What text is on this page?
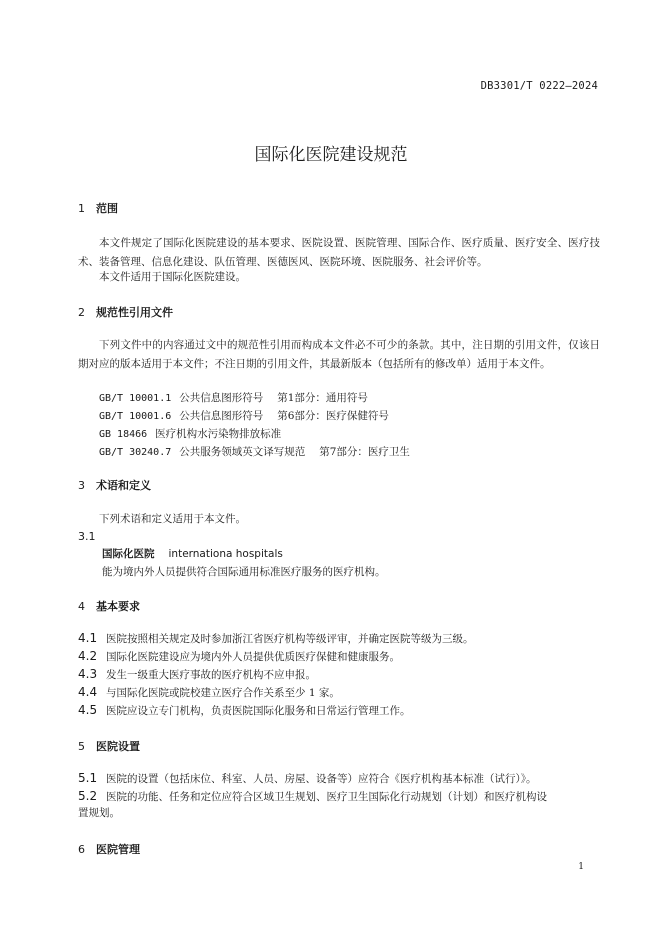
DB3301/T 0222—2024
国际化医院建设规范
1 范围
本文件规定了国际化医院建设的基本要求、医院设置、医院管理、国际合作、医疗质量、医疗安全、医疗技术、装备管理、信息化建设、队伍管理、医德医风、医院环境、医院服务、社会评价等。
本文件适用于国际化医院建设。
2 规范性引用文件
下列文件中的内容通过文中的规范性引用而构成本文件必不可少的条款。其中，注日期的引用文件，仅该日期对应的版本适用于本文件；不注日期的引用文件，其最新版本（包括所有的修改单）适用于本文件。
GB/T 10001.1 公共信息图形符号 第1部分：通用符号
GB/T 10001.6 公共信息图形符号 第6部分：医疗保健符号
GB 18466 医疗机构水污染物排放标准
GB/T 30240.7 公共服务领域英文译写规范 第7部分：医疗卫生
3 术语和定义
下列术语和定义适用于本文件。
3.1
国际化医院 internationa hospitals
能为境内外人员提供符合国际通用标准医疗服务的医疗机构。
4 基本要求
4.1 医院按照相关规定及时参加浙江省医疗机构等级评审，并确定医院等级为三级。
4.2 国际化医院建设应为境内外人员提供优质医疗保健和健康服务。
4.3 发生一级重大医疗事故的医疗机构不应申报。
4.4 与国际化医院或院校建立医疗合作关系至少 1 家。
4.5 医院应设立专门机构，负责医院国际化服务和日常运行管理工作。
5 医院设置
5.1 医院的设置（包括床位、科室、人员、房屋、设备等）应符合《医疗机构基本标准（试行）》。
5.2 医院的功能、任务和定位应符合区域卫生规划、医疗卫生国际化行动规划（计划）和医疗机构设
置规划。
6 医院管理
1
